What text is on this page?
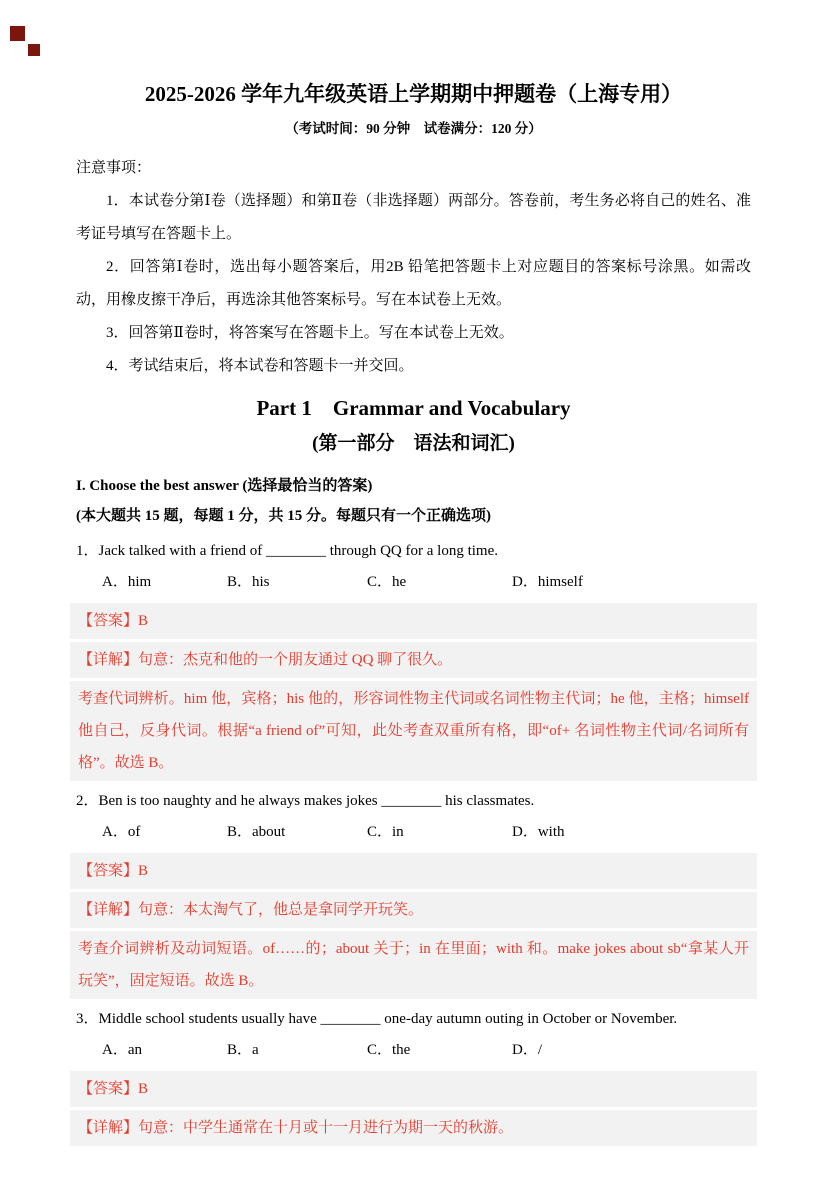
2025-2026 学年九年级英语上学期期中押题卷（上海专用）
（考试时间：90 分钟　试卷满分：120 分）

注意事项：

1．本试卷分第Ⅰ卷（选择题）和第Ⅱ卷（非选择题）两部分。答卷前，考生务必将自己的姓名、准考证号填写在答题卡上。

2．回答第Ⅰ卷时，选出每小题答案后，用2B 铅笔把答题卡上对应题目的答案标号涂黑。如需改动，用橡皮擦干净后，再选涂其他答案标号。写在本试卷上无效。

3．回答第Ⅱ卷时，将答案写在答题卡上。写在本试卷上无效。

4．考试结束后，将本试卷和答题卡一并交回。

Part 1　Grammar and Vocabulary
(第一部分　语法和词汇)

I. Choose the best answer (选择最恰当的答案)

(本大题共 15 题，每题 1 分，共 15 分。每题只有一个正确选项)

1．Jack talked with a friend of ________ through QQ for a long time.

A．him	B．his	C．he	D．himself

【答案】B

【详解】句意：杰克和他的一个朋友通过 QQ 聊了很久。

考查代词辨析。him 他，宾格；his 他的，形容词性物主代词或名词性物主代词；he 他，主格；himself 他自己，反身代词。根据“a friend of”可知，此处考查双重所有格，即“of+ 名词性物主代词/名词所有格”。故选 B。

2．Ben is too naughty and he always makes jokes ________ his classmates.

A．of	B．about	C．in	D．with

【答案】B

【详解】句意：本太淘气了，他总是拿同学开玩笑。

考查介词辨析及动词短语。of……的；about 关于；in 在里面；with 和。make jokes about sb“拿某人开玩笑”，固定短语。故选 B。

3．Middle school students usually have ________ one-day autumn outing in October or November.

A．an	B．a	C．the	D．/

【答案】B

【详解】句意：中学生通常在十月或十一月进行为期一天的秋游。
